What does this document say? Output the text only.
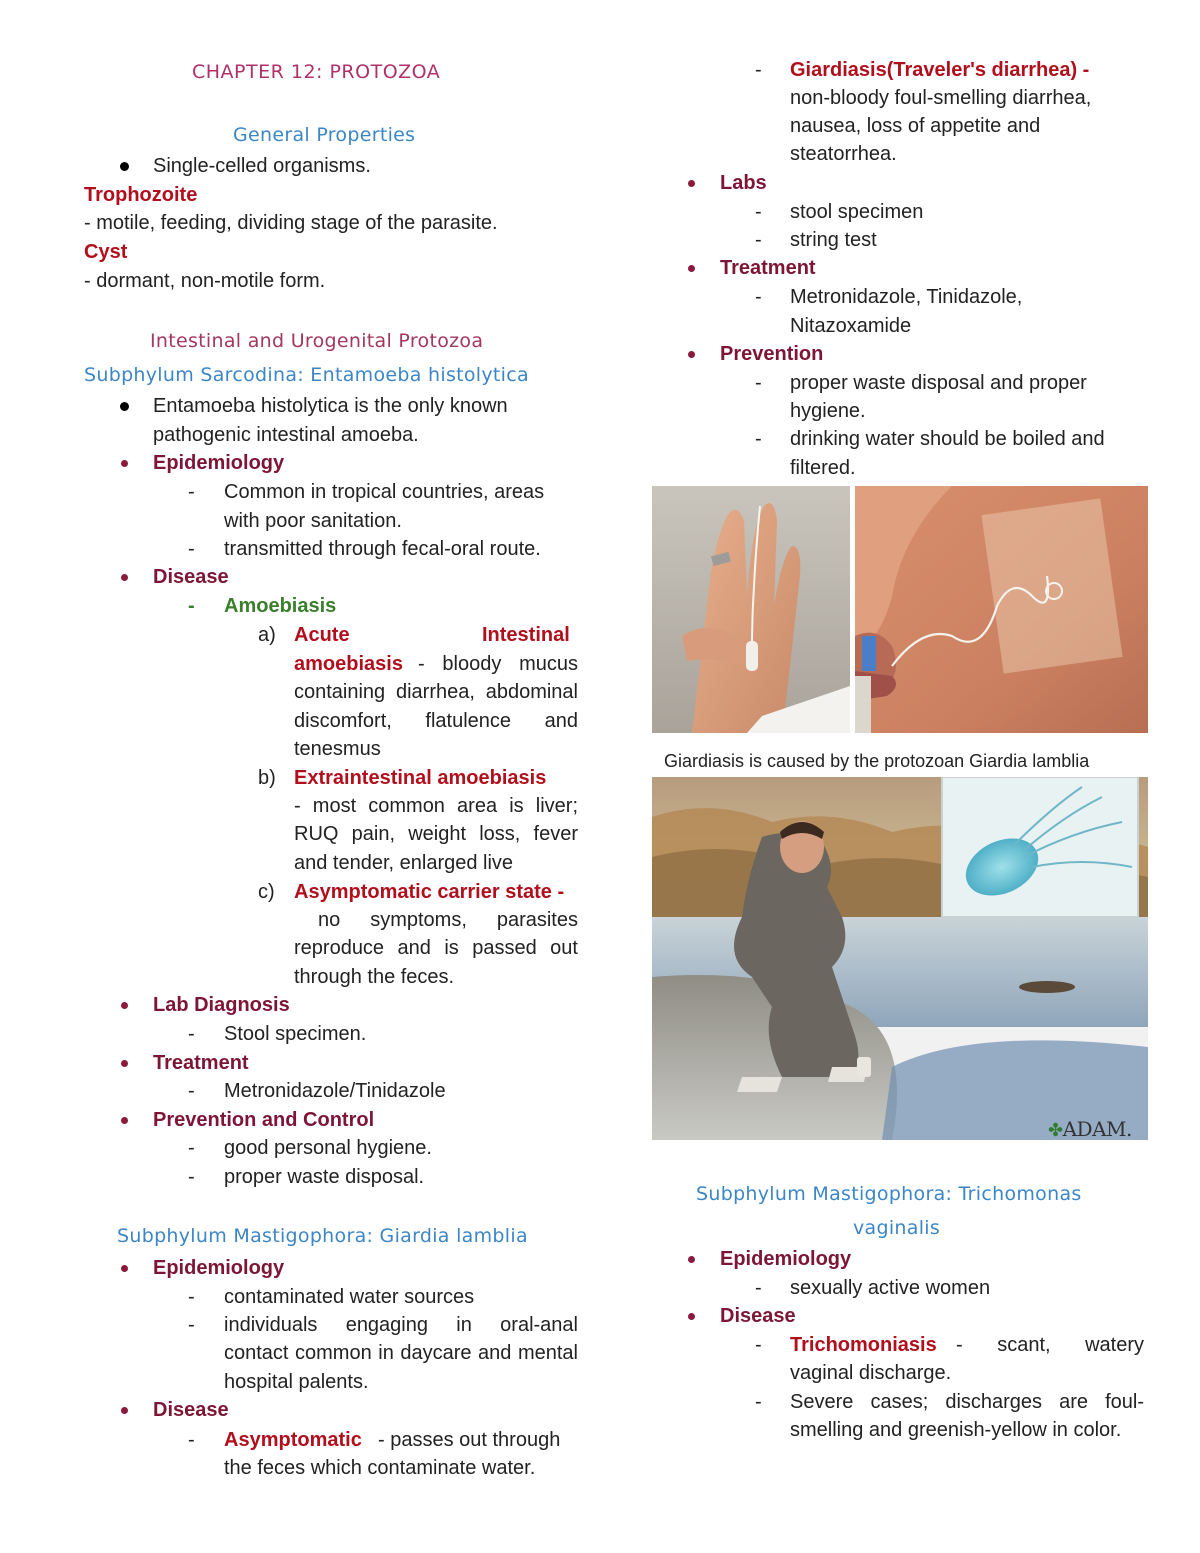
CHAPTER 12: PROTOZOA
General Properties
Single-celled organisms.
Trophozoite
- motile, feeding, dividing stage of the parasite.
Cyst
- dormant, non-motile form.
Intestinal and Urogenital Protozoa
Subphylum Sarcodina: Entamoeba histolytica
Entamoeba histolytica is the only known
pathogenic intestinal amoeba.
Epidemiology
- Common in tropical countries, areas
with poor sanitation.
- transmitted through fecal-oral route.
Disease
- Amoebiasis
a) Acute	Intestinal
amoebiasis - bloody mucus containing diarrhea, abdominal discomfort, flatulence and tenesmus
b) Extraintestinal amoebiasis
- most common area is liver; RUQ pain, weight loss, fever and tender, enlarged live
c) Asymptomatic carrier state -
no symptoms, parasites reproduce and is passed out through the feces.
Lab Diagnosis
- Stool specimen.
Treatment
- Metronidazole/Tinidazole
Prevention and Control
- good personal hygiene.
- proper waste disposal.
Subphylum Mastigophora: Giardia lamblia
Epidemiology
- contaminated water sources
- individuals engaging in oral-anal contact common in daycare and mental hospital palents.
Disease
- Asymptomatic - passes out through
the feces which contaminate water.
- Giardiasis(Traveler's diarrhea) -
non-bloody foul-smelling diarrhea,
nausea, loss of appetite and
steatorrhea.
Labs
- stool specimen
- string test
Treatment
- Metronidazole, Tinidazole,
Nitazoxamide
Prevention
- proper waste disposal and proper
hygiene.
- drinking water should be boiled and
filtered.
Giardiasis is caused by the protozoan Giardia lamblia
✤ADAM.
Subphylum Mastigophora: Trichomonas
vaginalis
Epidemiology
- sexually active women
Disease
- Trichomoniasis - scant, watery vaginal discharge.
- Severe cases; discharges are foul-smelling and greenish-yellow in color.
